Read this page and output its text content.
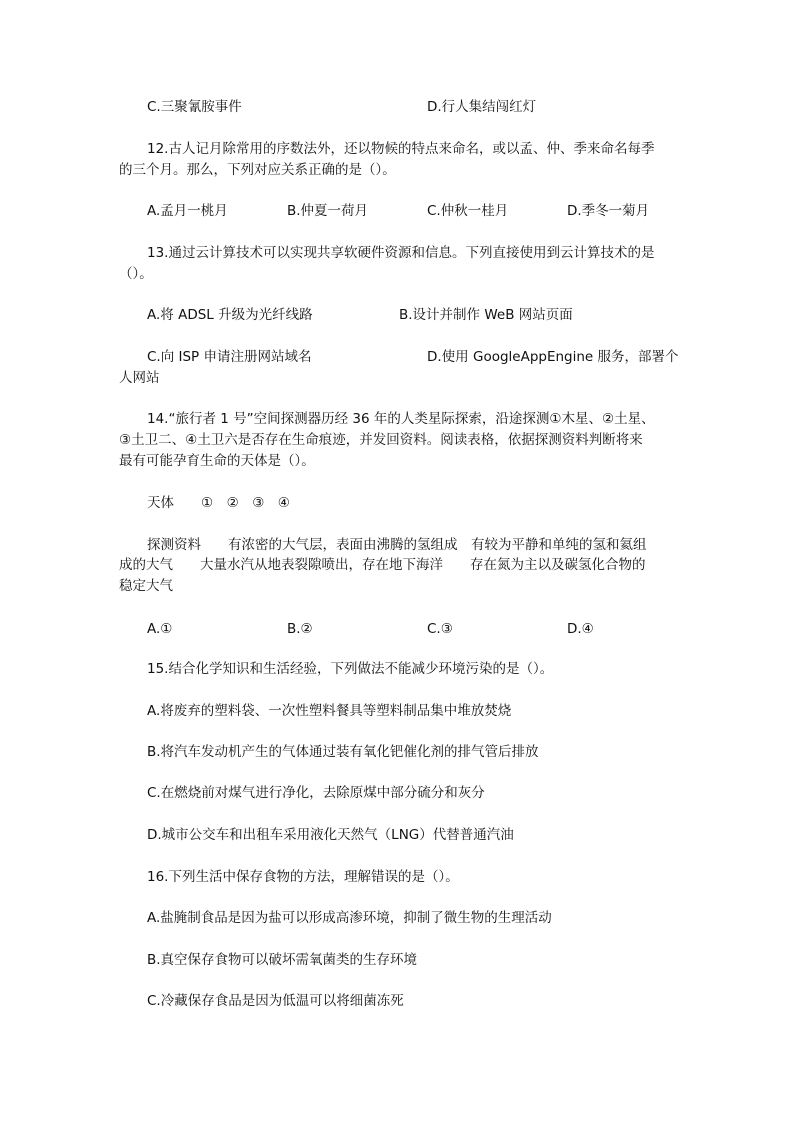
C.三聚氰胺事件	D.行人集结闯红灯
12.古人记月除常用的序数法外，还以物候的特点来命名，或以孟、仲、季来命名每季
的三个月。那么，下列对应关系正确的是（）。
A.孟月一桃月	B.仲夏一荷月	C.仲秋一桂月	D.季冬一菊月
13.通过云计算技术可以实现共享软硬件资源和信息。下列直接使用到云计算技术的是
（）。
A.将 ADSL 升级为光纤线路	B.设计并制作 WeB 网站页面
C.向 ISP 申请注册网站域名	D.使用 GoogleAppEngine 服务，部署个
人网站
14.“旅行者 1 号”空间探测器历经 36 年的人类星际探索，沿途探测①木星、②土星、
③土卫二、④土卫六是否存在生命痕迹，并发回资料。阅读表格，依据探测资料判断将来
最有可能孕育生命的天体是（）。
天体　　①　②　③　④
探测资料　　有浓密的大气层，表面由沸腾的氢组成　有较为平静和单纯的氢和氦组
成的大气　　大量水汽从地表裂隙喷出，存在地下海洋　　存在氮为主以及碳氢化合物的
稳定大气
A.①	B.②	C.③	D.④
15.结合化学知识和生活经验，下列做法不能减少环境污染的是（）。
A.将废弃的塑料袋、一次性塑料餐具等塑料制品集中堆放焚烧
B.将汽车发动机产生的气体通过装有氧化钯催化剂的排气管后排放
C.在燃烧前对煤气进行净化，去除原煤中部分硫分和灰分
D.城市公交车和出租车采用液化天然气（LNG）代替普通汽油
16.下列生活中保存食物的方法，理解错误的是（）。
A.盐腌制食品是因为盐可以形成高渗环境，抑制了微生物的生理活动
B.真空保存食物可以破坏需氧菌类的生存环境
C.冷藏保存食品是因为低温可以将细菌冻死
